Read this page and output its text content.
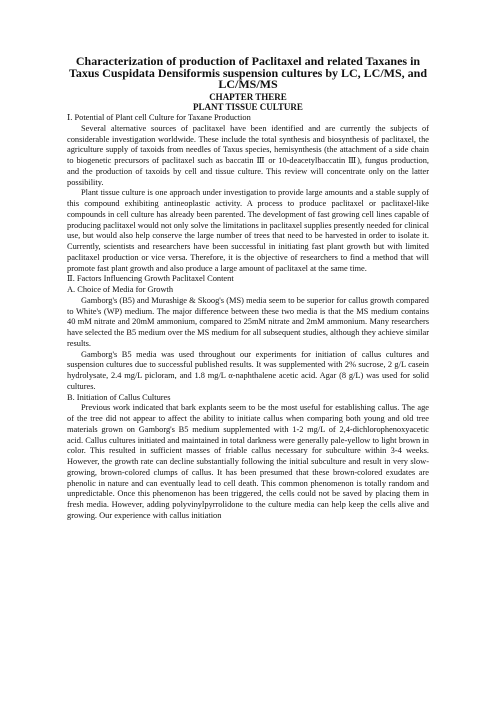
Characterization of production of Paclitaxel and related Taxanes in Taxus Cuspidata Densiformis suspension cultures by LC, LC/MS, and LC/MS/MS
CHAPTER THERE
PLANT TISSUE CULTURE
Ⅰ. Potential of Plant cell Culture for Taxane Production

Several alternative sources of paclitaxel have been identified and are currently the subjects of considerable investigation worldwide. These include the total synthesis and biosynthesis of paclitaxel, the agriculture supply of taxoids from needles of Taxus species, hemisynthesis (the attachment of a side chain to biogenetic precursors of paclitaxel such as baccatin Ⅲ or 10-deacetylbaccatin Ⅲ), fungus production, and the production of taxoids by cell and tissue culture. This review will concentrate only on the latter possibility.

Plant tissue culture is one approach under investigation to provide large amounts and a stable supply of this compound exhibiting antineoplastic activity. A process to produce paclitaxel or paclitaxel-like compounds in cell culture has already been parented. The development of fast growing cell lines capable of producing paclitaxel would not only solve the limitations in paclitaxel supplies presently needed for clinical use, but would also help conserve the large number of trees that need to be harvested in order to isolate it. Currently, scientists and researchers have been successful in initiating fast plant growth but with limited paclitaxel production or vice versa. Therefore, it is the objective of researchers to find a method that will promote fast plant growth and also produce a large amount of paclitaxel at the same time.

Ⅱ. Factors Influencing Growth Paclitaxel Content
A. Choice of Media for Growth

Gamborg's (B5) and Murashige & Skoog's (MS) media seem to be superior for callus growth compared to White's (WP) medium. The major difference between these two media is that the MS medium contains 40 mM nitrate and 20mM ammonium, compared to 25mM nitrate and 2mM ammonium. Many researchers have selected the B5 medium over the MS medium for all subsequent studies, although they achieve similar results.

Gamborg's B5 media was used throughout our experiments for initiation of callus cultures and suspension cultures due to successful published results. It was supplemented with 2% sucrose, 2 g/L casein hydrolysate, 2.4 mg/L picloram, and 1.8 mg/L α-naphthalene acetic acid. Agar (8 g/L) was used for solid cultures.

B. Initiation of Callus Cultures

Previous work indicated that bark explants seem to be the most useful for establishing callus. The age of the tree did not appear to affect the ability to initiate callus when comparing both young and old tree materials grown on Gamborg's B5 medium supplemented with 1-2 mg/L of 2,4-dichlorophenoxyacetic acid. Callus cultures initiated and maintained in total darkness were generally pale-yellow to light brown in color. This resulted in sufficient masses of friable callus necessary for subculture within 3-4 weeks. However, the growth rate can decline substantially following the initial subculture and result in very slow-growing, brown-colored clumps of callus. It has been presumed that these brown-colored exudates are phenolic in nature and can eventually lead to cell death. This common phenomenon is totally random and unpredictable. Once this phenomenon has been triggered, the cells could not be saved by placing them in fresh media. However, adding polyvinylpyrrolidone to the culture media can help keep the cells alive and growing. Our experience with callus initiation
